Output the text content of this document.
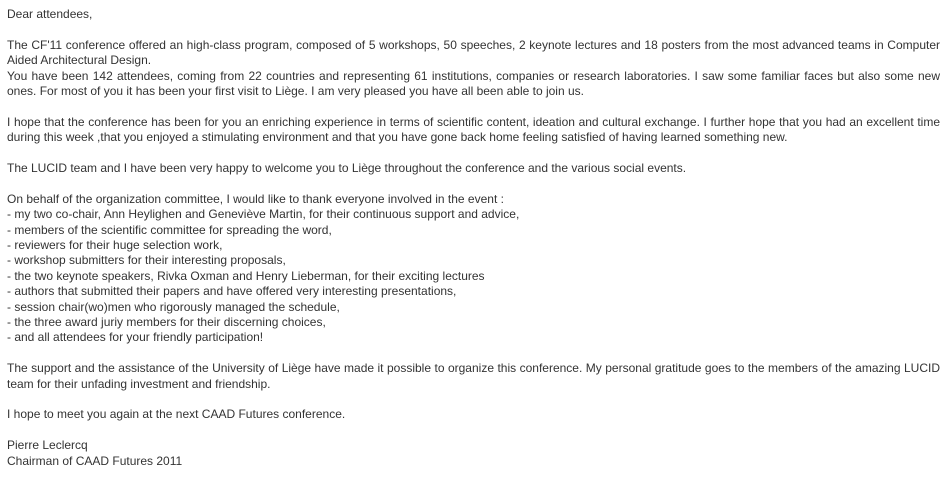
Dear attendees,

The CF'11 conference offered an high-class program, composed of 5 workshops, 50 speeches, 2 keynote lectures and 18 posters from the most advanced teams in Computer Aided Architectural Design.
You have been 142 attendees, coming from 22 countries and representing 61 institutions, companies or research laboratories. I saw some familiar faces but also some new ones. For most of you it has been your first visit to Liège. I am very pleased you have all been able to join us.

I hope that the conference has been for you an enriching experience in terms of scientific content, ideation and cultural exchange. I further hope that you had an excellent time during this week ,that you enjoyed a stimulating environment and that you have gone back home feeling satisfied of having learned something new.

The LUCID team and I have been very happy to welcome you to Liège throughout the conference and the various social events.

On behalf of the organization committee, I would like to thank everyone involved in the event :
- my two co-chair, Ann Heylighen and Geneviève Martin, for their continuous support and advice,
- members of the scientific committee for spreading the word,
- reviewers for their huge selection work,
- workshop submitters for their interesting proposals,
- the two keynote speakers, Rivka Oxman and Henry Lieberman, for their exciting lectures
- authors that submitted their papers and have offered very interesting presentations,
- session chair(wo)men who rigorously managed the schedule,
- the three award juriy members for their discerning choices,
- and all attendees for your friendly participation!

The support and the assistance of the University of Liège have made it possible to organize this conference. My personal gratitude goes to the members of the amazing LUCID team for their unfading investment and friendship.

I hope to meet you again at the next CAAD Futures conference.

Pierre Leclercq
Chairman of CAAD Futures 2011
